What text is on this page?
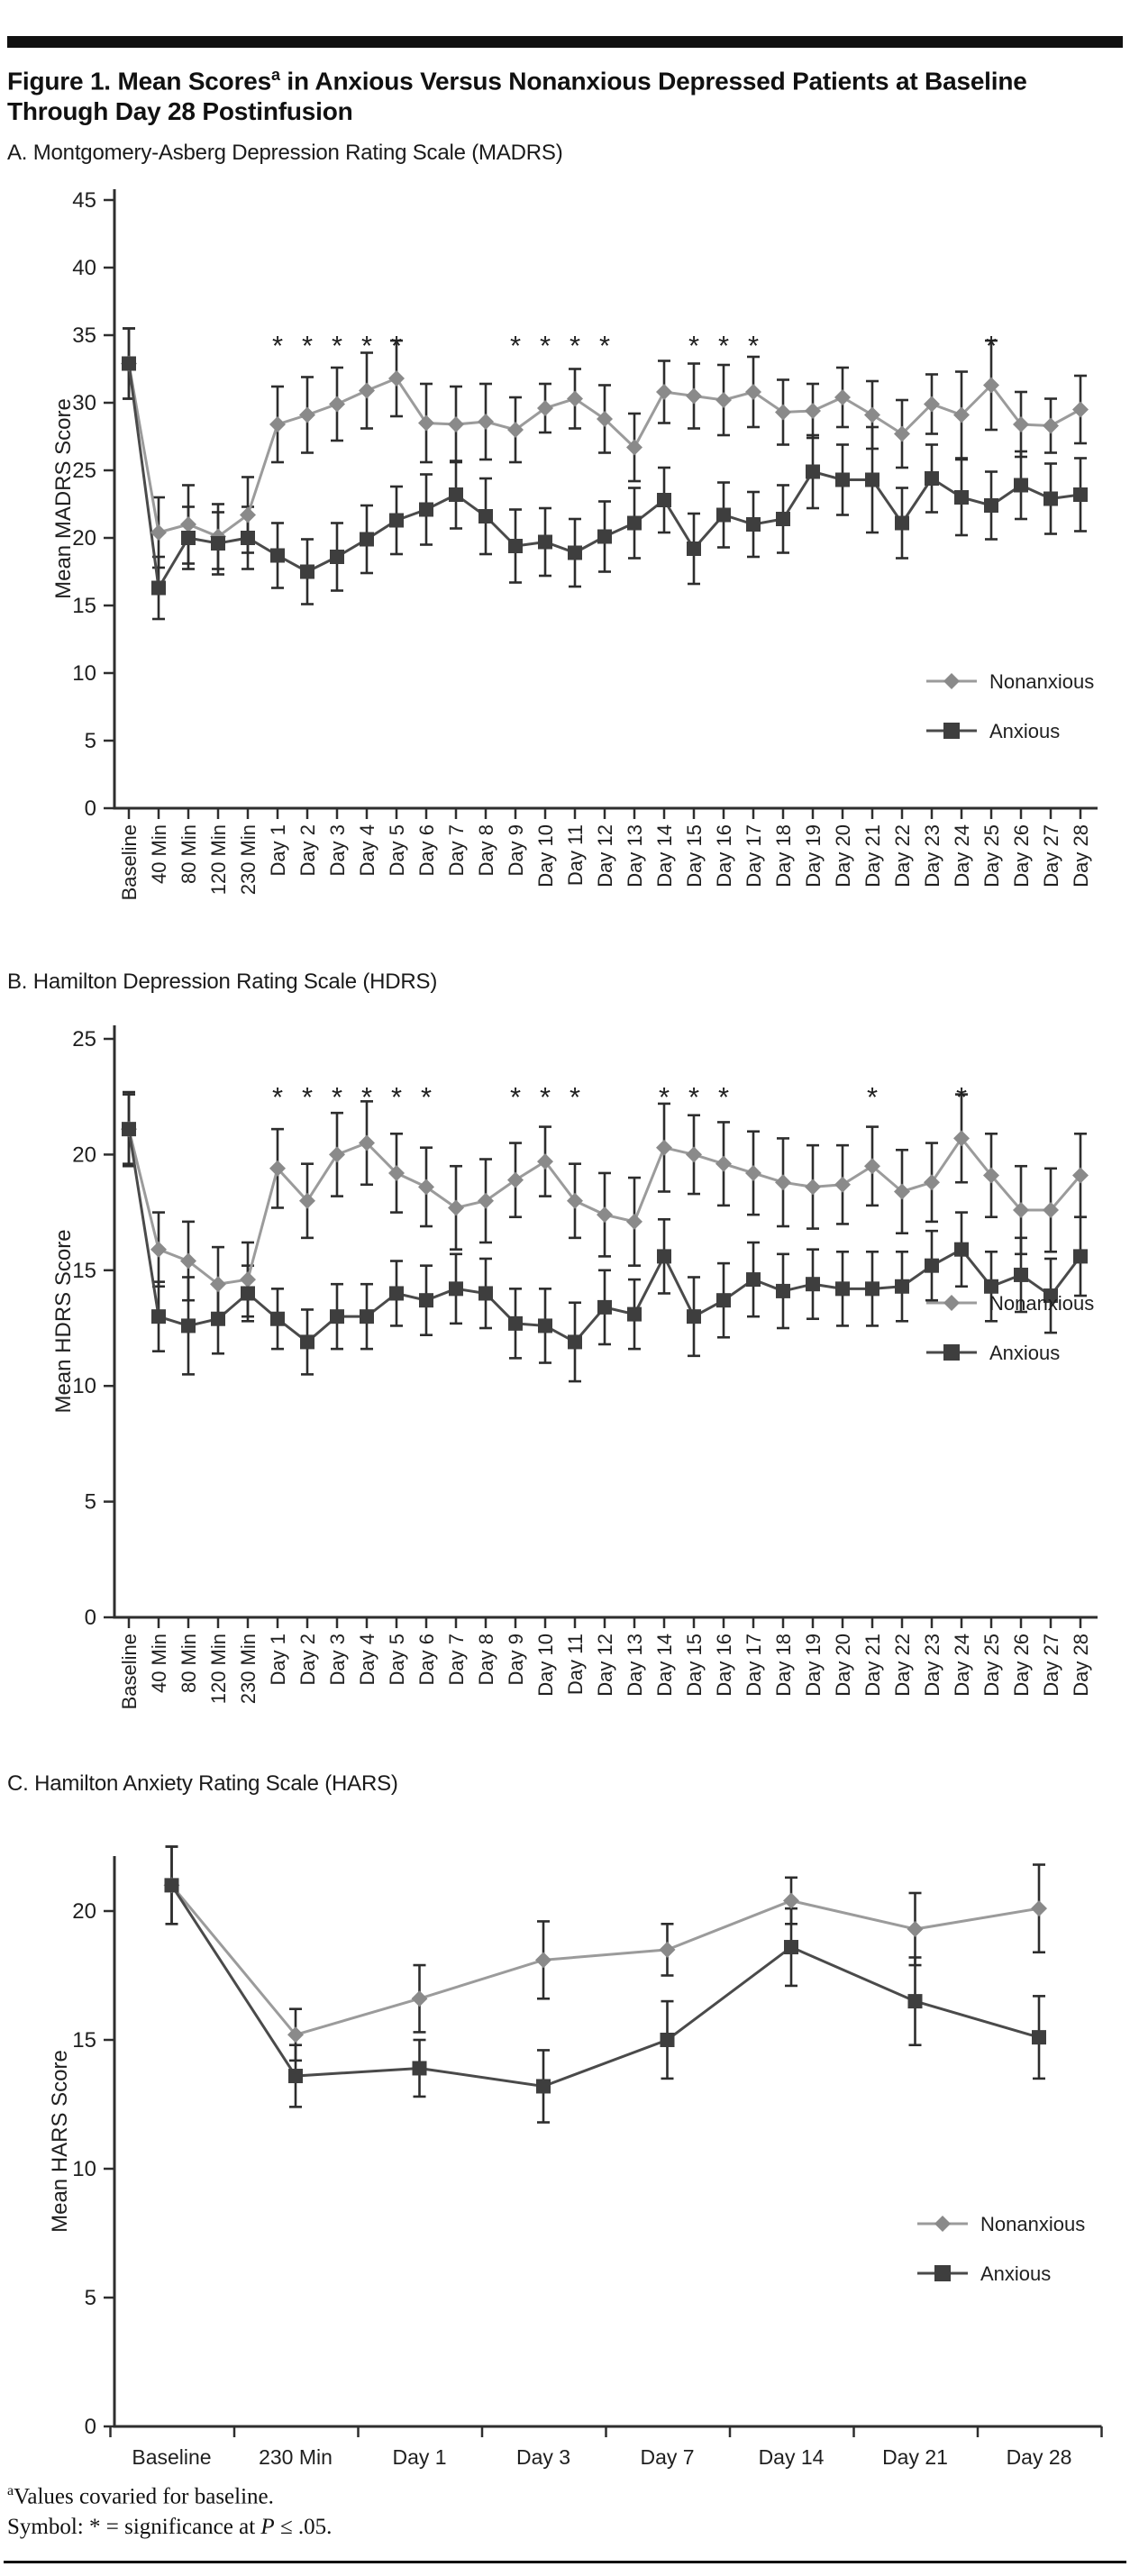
Figure 1. Mean Scores$^a$ in Anxious Versus Nonanxious Depressed Patients at Baseline Through Day 28 Postinfusion
A. Montgomery-Asberg Depression Rating Scale (MADRS)
0
5
10
15
20
25
30
35
40
45
Baseline 40 Min 80 Min 120 Min 230 Min Day 1 Day 2 Day 3 Day 4 Day 5 Day 6 Day 7 Day 8 Day 9 Day 10 Day 11 Day 12 Day 13 Day 14 Day 15 Day 16 Day 17 Day 18 Day 19 Day 20 Day 21 Day 22 Day 23 Day 24 Day 25 Day 26 Day 27 Day 28
Mean MADRS Score
* * * * *	* * * *	* * *	*
Nonanxious
Anxious
B. Hamilton Depression Rating Scale (HDRS)
0
5
10
15
20
25
Baseline 40 Min 80 Min 120 Min 230 Min Day 1 Day 2 Day 3 Day 4 Day 5 Day 6 Day 7 Day 8 Day 9 Day 10 Day 11 Day 12 Day 13 Day 14 Day 15 Day 16 Day 17 Day 18 Day 19 Day 20 Day 21 Day 22 Day 23 Day 24 Day 25 Day 26 Day 27 Day 28
Mean HDRS Score
* * * * * *	* * *	* * *	*	*
Nonanxious
Anxious
C. Hamilton Anxiety Rating Scale (HARS)
0
5
10
15
20
Baseline 230 Min	Day 1	Day 3	Day 7	Day 14	Day 21	Day 28
Mean HARS Score	Nonanxious
Anxious
$^a$Values covaried for baseline.
Symbol: * = significance at P ≤ .05.
